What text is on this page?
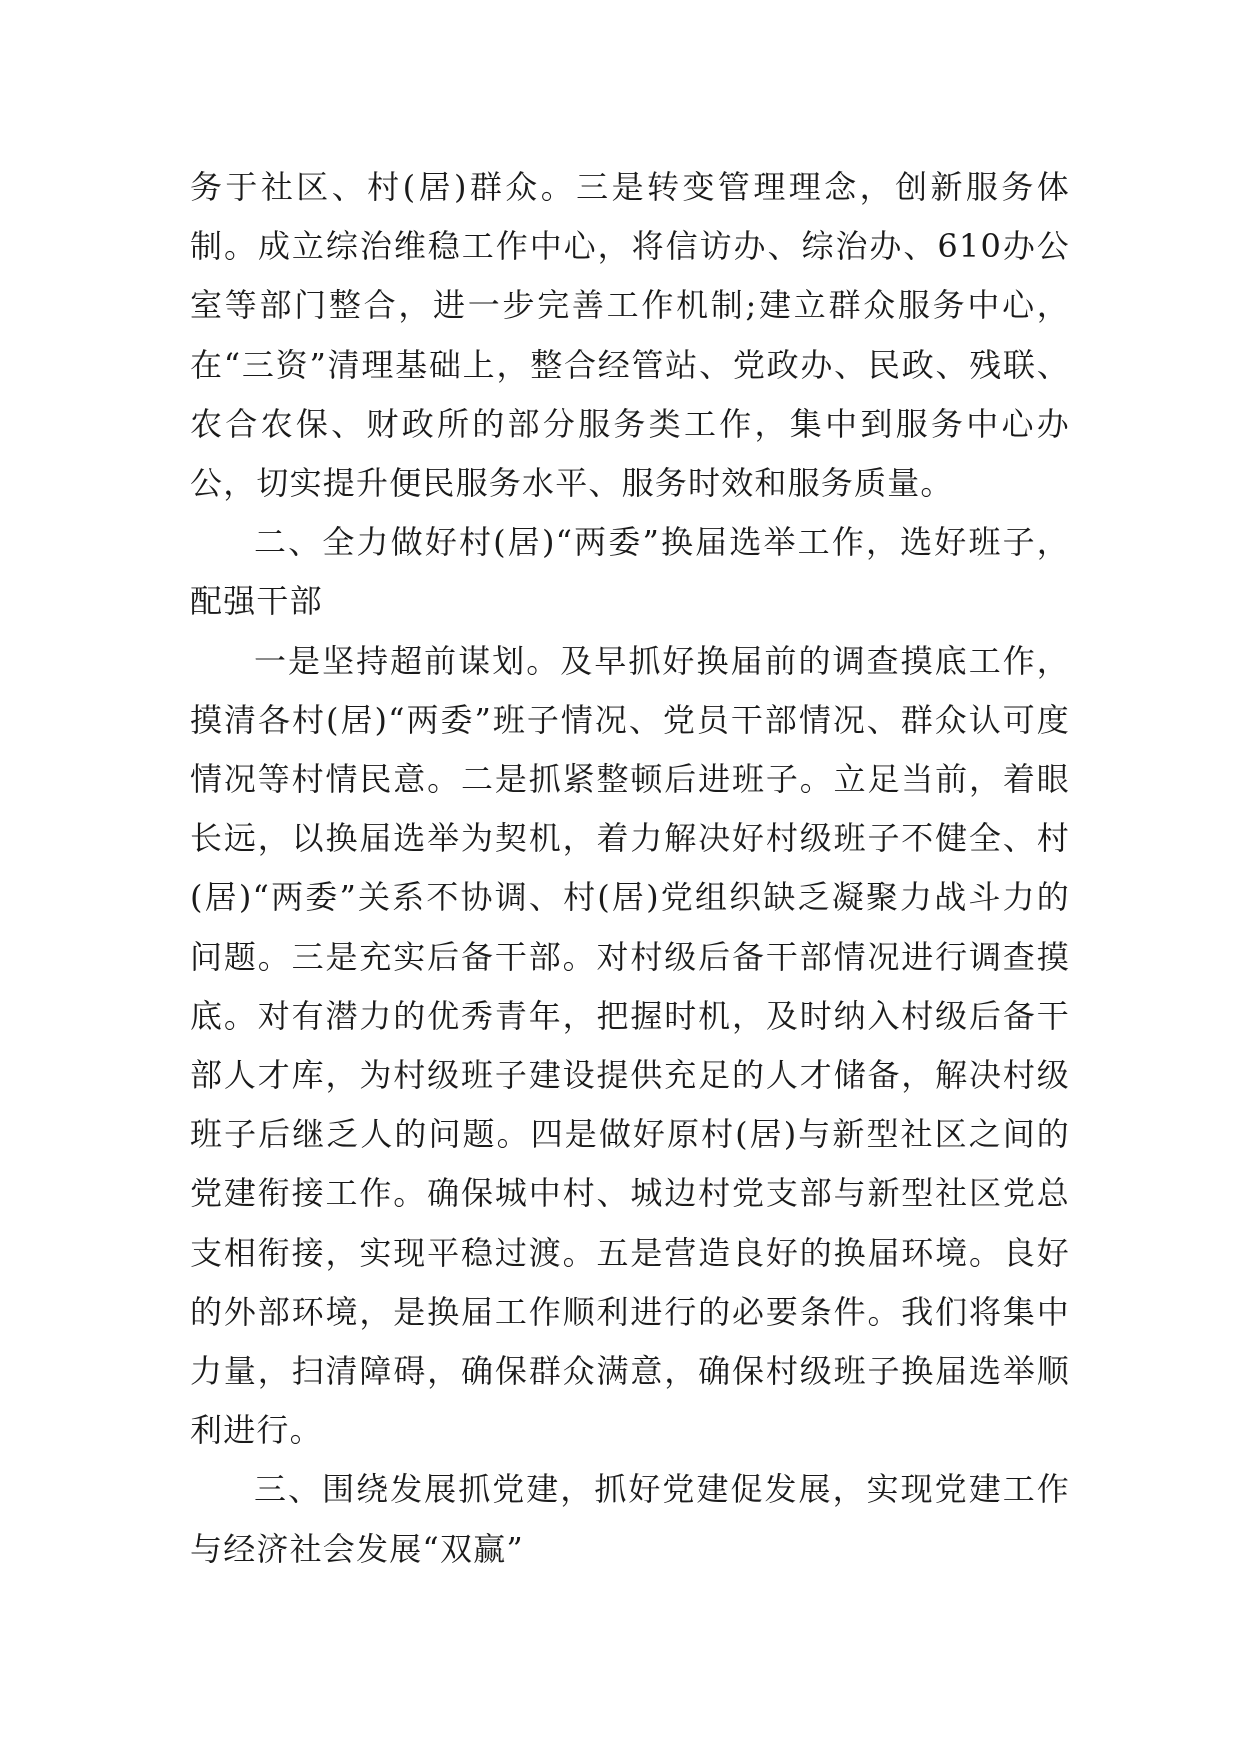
务于社区、村(居)群众。三是转变管理理念，创新服务体制。成立综治维稳工作中心，将信访办、综治办、610办公室等部门整合，进一步完善工作机制;建立群众服务中心，在“三资”清理基础上，整合经管站、党政办、民政、残联、农合农保、财政所的部分服务类工作，集中到服务中心办公，切实提升便民服务水平、服务时效和服务质量。

二、全力做好村(居)“两委”换届选举工作，选好班子，配强干部

一是坚持超前谋划。及早抓好换届前的调查摸底工作，摸清各村(居)“两委”班子情况、党员干部情况、群众认可度情况等村情民意。二是抓紧整顿后进班子。立足当前，着眼长远，以换届选举为契机，着力解决好村级班子不健全、村(居)“两委”关系不协调、村(居)党组织缺乏凝聚力战斗力的问题。三是充实后备干部。对村级后备干部情况进行调查摸底。对有潜力的优秀青年，把握时机，及时纳入村级后备干部人才库，为村级班子建设提供充足的人才储备，解决村级班子后继乏人的问题。四是做好原村(居)与新型社区之间的党建衔接工作。确保城中村、城边村党支部与新型社区党总支相衔接，实现平稳过渡。五是营造良好的换届环境。良好的外部环境，是换届工作顺利进行的必要条件。我们将集中力量，扫清障碍，确保群众满意，确保村级班子换届选举顺利进行。

三、围绕发展抓党建，抓好党建促发展，实现党建工作与经济社会发展“双赢”
